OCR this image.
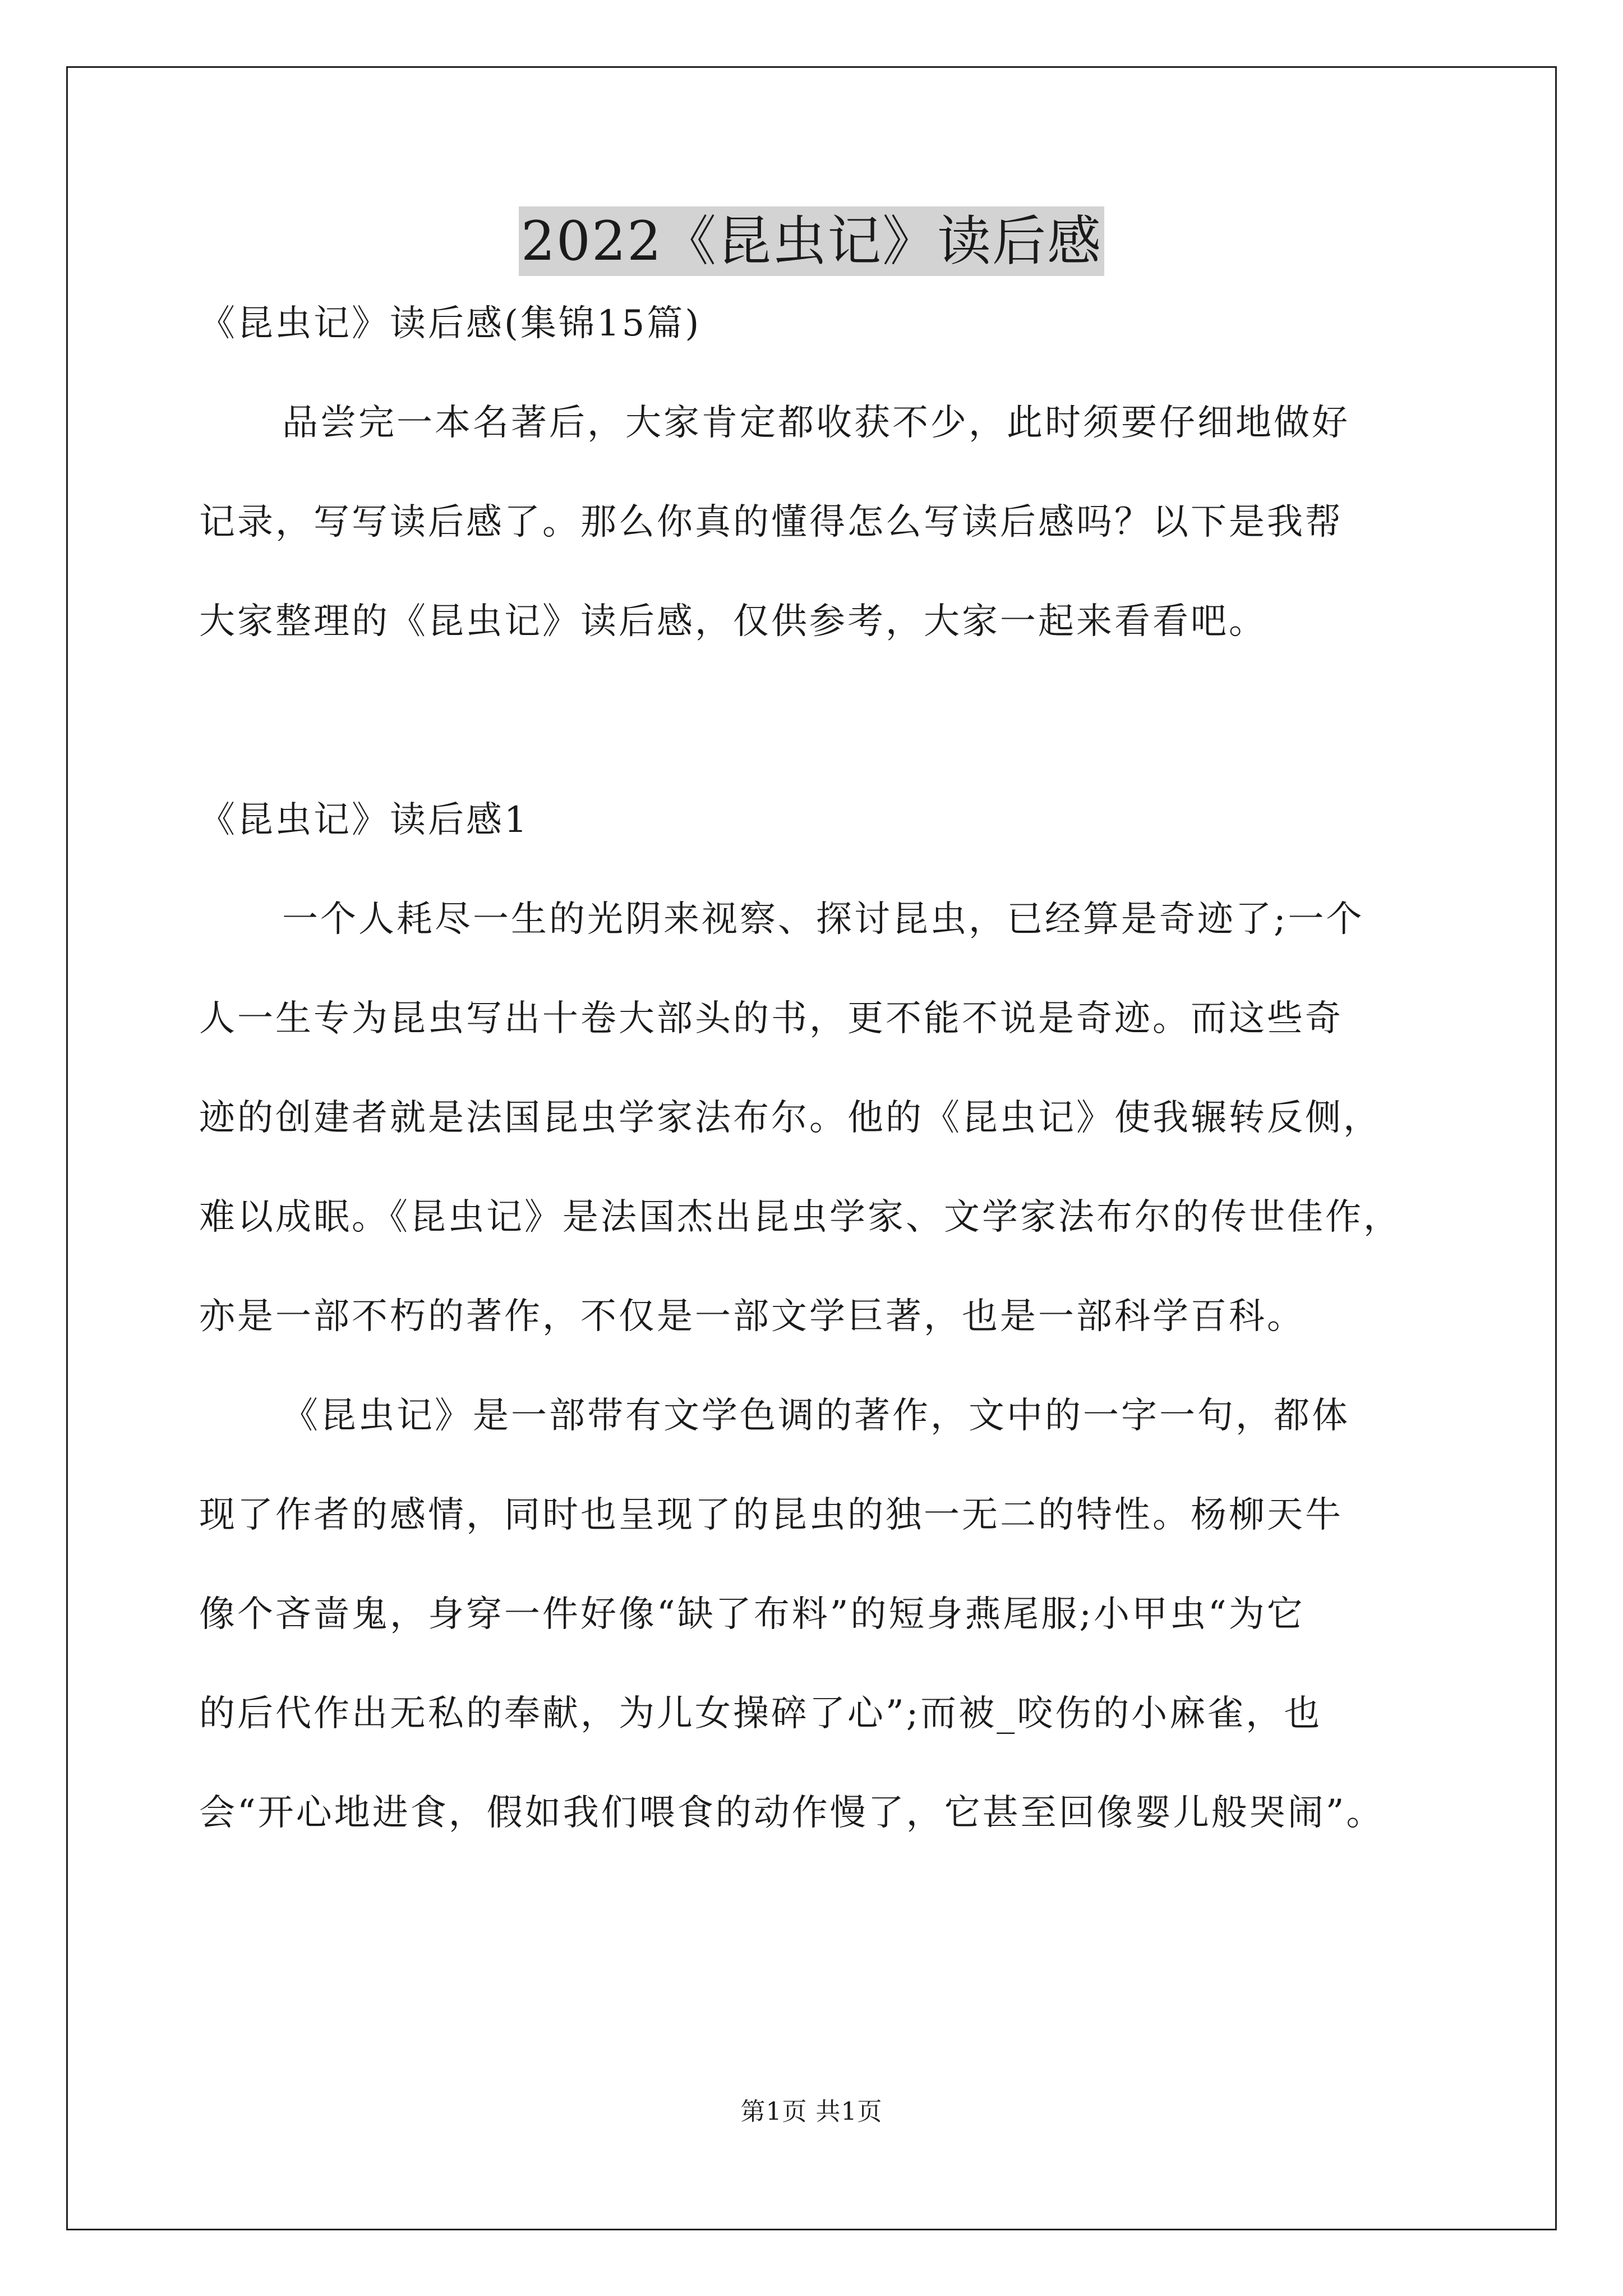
2022《昆虫记》读后感
《昆虫记》读后感(集锦15篇)
品尝完一本名著后，大家肯定都收获不少，此时须要仔细地做好
记录，写写读后感了。那么你真的懂得怎么写读后感吗？以下是我帮
大家整理的《昆虫记》读后感，仅供参考，大家一起来看看吧。
《昆虫记》读后感1
一个人耗尽一生的光阴来视察、探讨昆虫，已经算是奇迹了;一个
人一生专为昆虫写出十卷大部头的书，更不能不说是奇迹。而这些奇
迹的创建者就是法国昆虫学家法布尔。他的《昆虫记》使我辗转反侧，
难以成眠。《昆虫记》是法国杰出昆虫学家、文学家法布尔的传世佳作，
亦是一部不朽的著作，不仅是一部文学巨著，也是一部科学百科。
《昆虫记》是一部带有文学色调的著作，文中的一字一句，都体
现了作者的感情，同时也呈现了的昆虫的独一无二的特性。杨柳天牛
像个吝啬鬼，身穿一件好像“缺了布料”的短身燕尾服;小甲虫“为它
的后代作出无私的奉献，为儿女操碎了心”;而被_咬伤的小麻雀，也
会“开心地进食，假如我们喂食的动作慢了，它甚至回像婴儿般哭闹”。
第1页 共1页
